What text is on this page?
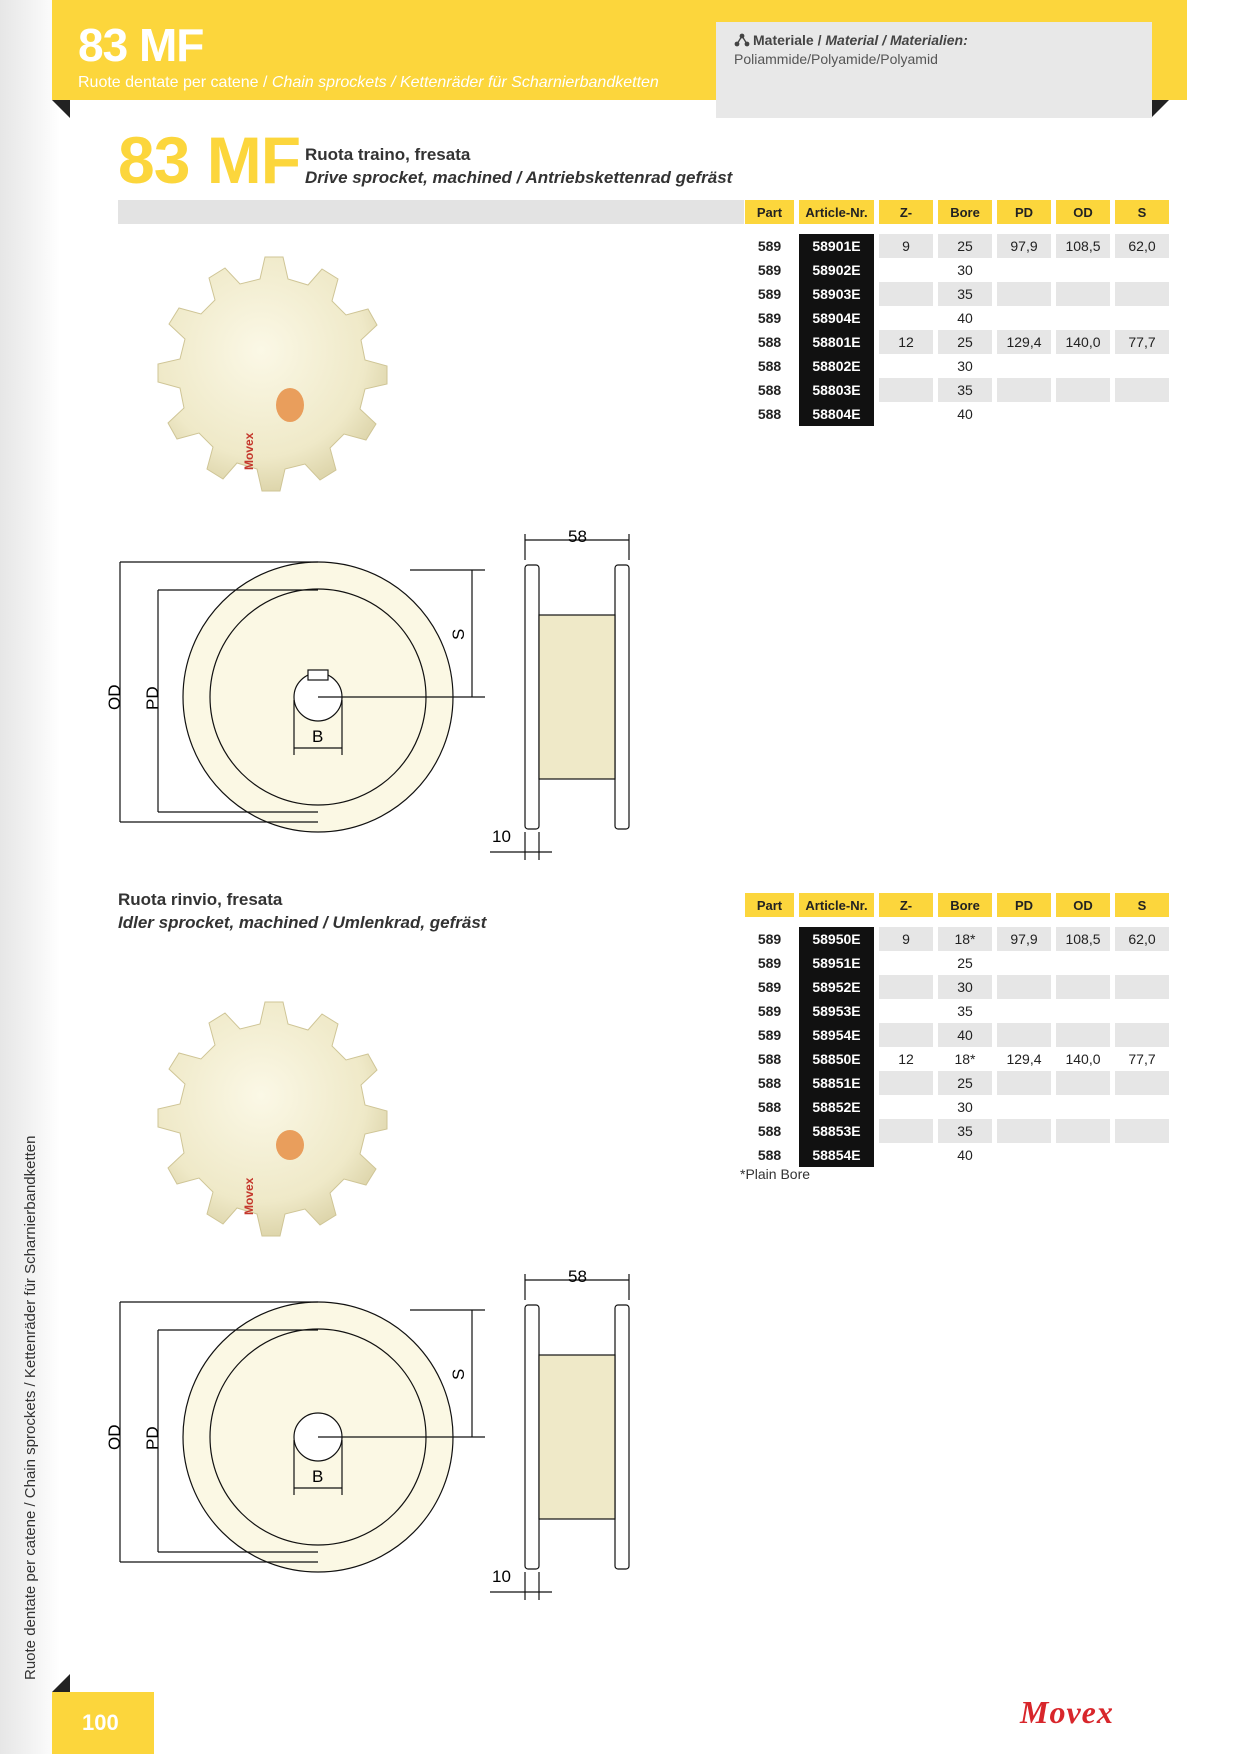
Ruote dentate per catene / Chain sprockets / Kettenräder für Scharnierbandketten
83 MF
Ruote dentate per catene / Chain sprockets / Kettenräder für Scharnierbandketten
Materiale / Material / Materialien:
Poliammide/Polyamide/Polyamid
83 MF Ruota traino, fresata
Drive sprocket, machined / Antriebskettenrad gefräst
Part	Article-Nr.	Z-	Bore	PD	OD	S

589	58901E	9	25	97,9	108,5	62,0
589	58902E		30			
589	58903E		35			
589	58904E		40			
588	58801E	12	25	129,4	140,0	77,7
588	58802E		30			
588	58803E		35			
588	58804E		40			
Movex
58
10
OD PD
S
B
Ruota rinvio, fresata
Idler sprocket, machined / Umlenkrad, gefräst
Part	Article-Nr.	Z-	Bore	PD	OD	S

589	58950E	9	18*	97,9	108,5	62,0
589	58951E		25			
589	58952E		30			
589	58953E		35			
589	58954E		40			
588	58850E	12	18*	129,4	140,0	77,7
588	58851E		25			
588	58852E		30			
588	58853E		35			
588	58854E		40			
*Plain Bore
Movex
58
10
OD PD
S
B
100	Movex
